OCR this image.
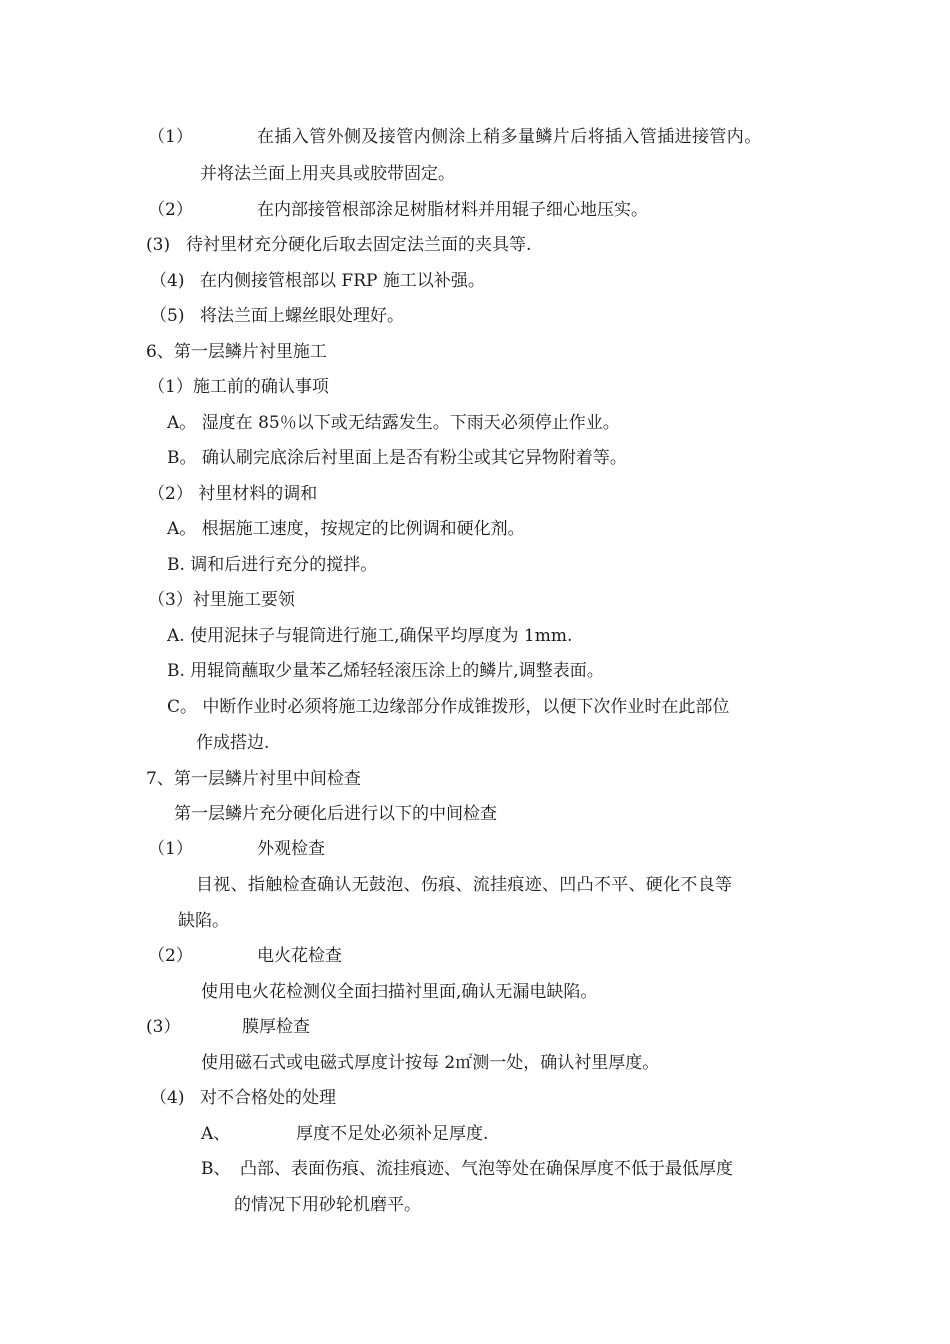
（1）	在插入管外侧及接管内侧涂上稍多量鳞片后将插入管插进接管内。
并将法兰面上用夹具或胶带固定。
（2）	在内部接管根部涂足树脂材料并用辊子细心地压实。
(3) 待衬里材充分硬化后取去固定法兰面的夹具等.
（4) 在内侧接管根部以 FRP 施工以补强。
（5) 将法兰面上螺丝眼处理好。
6、第一层鳞片衬里施工
（1）施工前的确认事项
A。 湿度在 85％以下或无结露发生。下雨天必须停止作业。
B。 确认刷完底涂后衬里面上是否有粉尘或其它异物附着等。
（2） 衬里材料的调和
A。 根据施工速度，按规定的比例调和硬化剂。
B. 调和后进行充分的搅拌。
（3）衬里施工要领
A. 使用泥抹子与辊筒进行施工,确保平均厚度为 1mm.
B. 用辊筒蘸取少量苯乙烯轻轻滚压涂上的鳞片,调整表面。
C。 中断作业时必须将施工边缘部分作成锥拨形，以便下次作业时在此部位
作成搭边.
7、第一层鳞片衬里中间检查
第一层鳞片充分硬化后进行以下的中间检查
（1）	外观检查
目视、指触检查确认无鼓泡、伤痕、流挂痕迹、凹凸不平、硬化不良等
缺陷。
（2）	电火花检查
使用电火花检测仪全面扫描衬里面,确认无漏电缺陷。
(3）	膜厚检查
使用磁石式或电磁式厚度计按每 2㎡测一处，确认衬里厚度。
（4) 对不合格处的处理
A、	厚度不足处必须补足厚度.
B、 凸部、表面伤痕、流挂痕迹、气泡等处在确保厚度不低于最低厚度
的情况下用砂轮机磨平。
